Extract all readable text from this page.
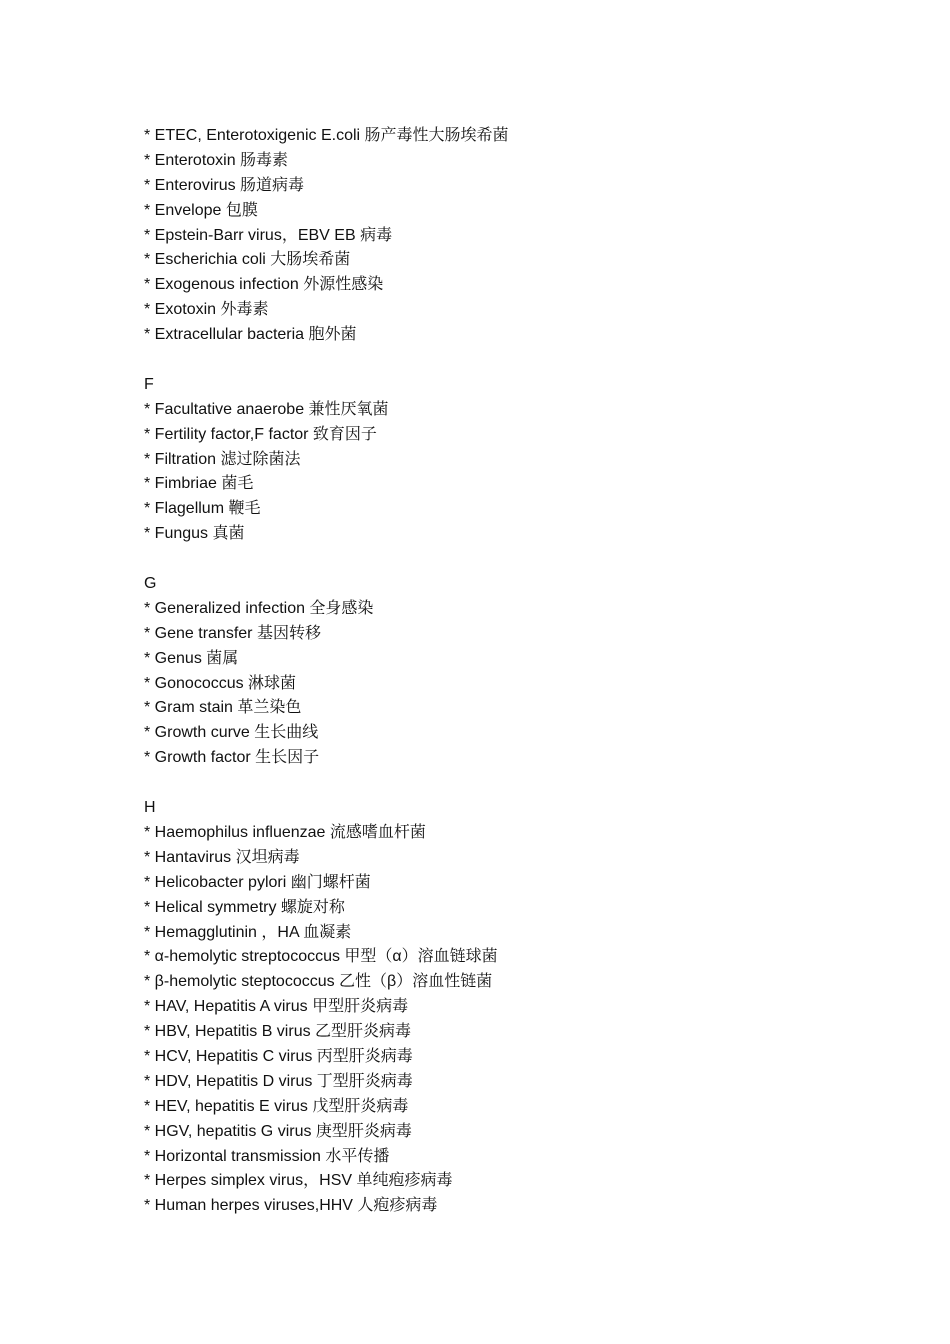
* ETEC, Enterotoxigenic E.coli 肠产毒性大肠埃希菌
* Enterotoxin 肠毒素
* Enterovirus 肠道病毒
* Envelope 包膜
* Epstein-Barr virus，EBV EB 病毒
* Escherichia coli 大肠埃希菌
* Exogenous infection 外源性感染
* Exotoxin 外毒素
* Extracellular bacteria 胞外菌
F
* Facultative anaerobe 兼性厌氧菌
* Fertility factor,F factor 致育因子
* Filtration 滤过除菌法
* Fimbriae 菌毛
* Flagellum 鞭毛
* Fungus 真菌
G
* Generalized infection 全身感染
* Gene transfer 基因转移
* Genus 菌属
* Gonococcus 淋球菌
* Gram stain 革兰染色
* Growth curve 生长曲线
* Growth factor 生长因子
H
* Haemophilus influenzae 流感嗜血杆菌
* Hantavirus 汉坦病毒
* Helicobacter pylori 幽门螺杆菌
* Helical symmetry 螺旋对称
* Hemagglutinin ，HA 血凝素
* α-hemolytic streptococcus 甲型（α）溶血链球菌
* β-hemolytic steptococcus 乙性（β）溶血性链菌
* HAV, Hepatitis A virus 甲型肝炎病毒
* HBV, Hepatitis B virus 乙型肝炎病毒
* HCV, Hepatitis C virus 丙型肝炎病毒
* HDV, Hepatitis D virus 丁型肝炎病毒
* HEV, hepatitis E virus 戊型肝炎病毒
* HGV, hepatitis G virus 庚型肝炎病毒
* Horizontal transmission 水平传播
* Herpes simplex virus，HSV 单纯疱疹病毒
* Human herpes viruses,HHV 人疱疹病毒
